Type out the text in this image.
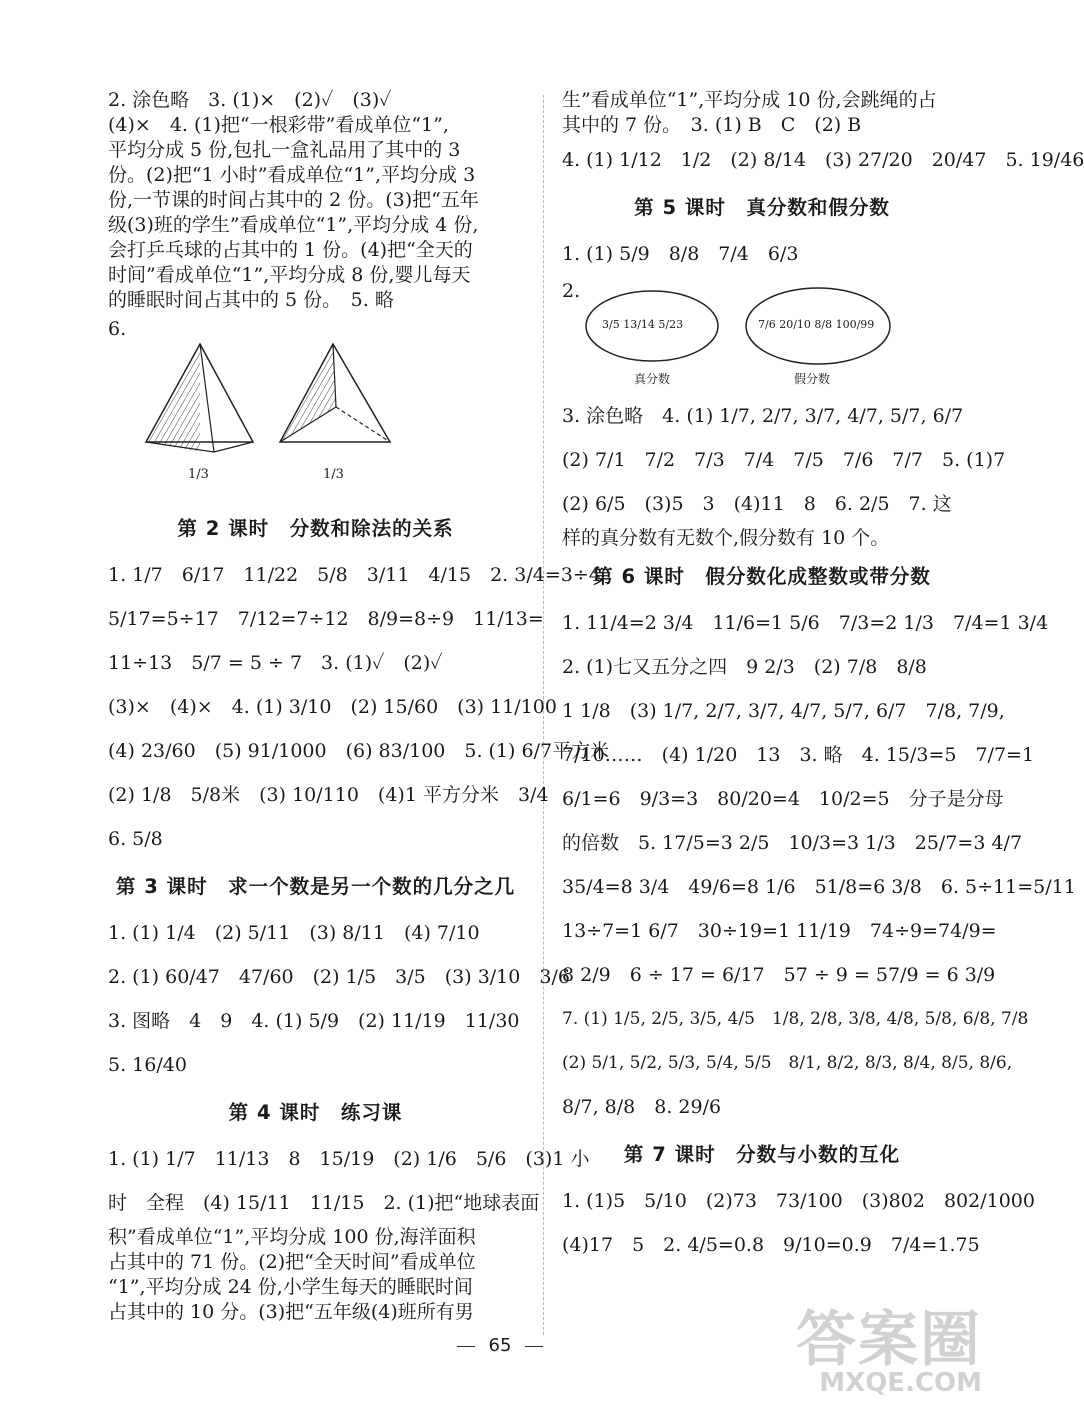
2. 涂色略　3. (1)×　(2)✓　(3)✓

(4)×　4. (1)把“一根彩带”看成单位“1”,

平均分成 5 份,包扎一盒礼品用了其中的 3

份。(2)把“1 小时”看成单位“1”,平均分成 3

份,一节课的时间占其中的 2 份。(3)把“五年

级(3)班的学生”看成单位“1”,平均分成 4 份,

会打乒乓球的占其中的 1 份。(4)把“全天的

时间”看成单位“1”,平均分成 8 份,婴儿每天

的睡眠时间占其中的 5 份。　5. 略

6.

1/3	1/3
第 2 课时　分数和除法的关系

1. 1/7　6/17　11/22　5/8　3/11　4/15　2. 3/4=3÷4

5/17=5÷17　7/12=7÷12　8/9=8÷9　11/13=

11÷13　5/7 = 5 ÷ 7　3. (1)✓　(2)✓

(3)×　(4)×　4. (1) 3/10　(2) 15/60　(3) 11/100

(4) 23/60　(5) 91/1000　(6) 83/100　5. (1) 6/7平方米

(2) 1/8　5/8米　(3) 10/110　(4)1 平方分米　3/4

6. 5/8

第 3 课时　求一个数是另一个数的几分之几

1. (1) 1/4　(2) 5/11　(3) 8/11　(4) 7/10

2. (1) 60/47　47/60　(2) 1/5　3/5　(3) 3/10　3/6

3. 图略　4　9　4. (1) 5/9　(2) 11/19　11/30

5. 16/40

第 4 课时　练习课

1. (1) 1/7　11/13　8　15/19　(2) 1/6　5/6　(3)1 小

时　全程　(4) 15/11　11/15　2. (1)把“地球表面

积”看成单位“1”,平均分成 100 份,海洋面积

占其中的 71 份。(2)把“全天时间”看成单位

“1”,平均分成 24 份,小学生每天的睡眠时间

占其中的 10 分。(3)把“五年级(4)班所有男

生”看成单位“1”,平均分成 10 份,会跳绳的占

其中的 7 份。　3. (1) B　C　(2) B

4. (1) 1/12　1/2　(2) 8/14　(3) 27/20　20/47　5. 19/46

第 5 课时　真分数和假分数

1. (1) 5/9　8/8　7/4　6/3

2.
3/5 13/14 5/23	7/6 20/10 8/8 100/99
真分数	假分数

3. 涂色略　4. (1) 1/7, 2/7, 3/7, 4/7, 5/7, 6/7

(2) 7/1　7/2　7/3　7/4　7/5　7/6　7/7　5. (1)7

(2) 6/5　(3)5　3　(4)11　8　6. 2/5　7. 这

样的真分数有无数个,假分数有 10 个。

第 6 课时　假分数化成整数或带分数

1. 11/4=2 3/4　11/6=1 5/6　7/3=2 1/3　7/4=1 3/4

2. (1)七又五分之四　9 2/3　(2) 7/8　8/8

1 1/8　(3) 1/7, 2/7, 3/7, 4/7, 5/7, 6/7　7/8, 7/9,

7/10……　(4) 1/20　13　3. 略　4. 15/3=5　7/7=1

6/1=6　9/3=3　80/20=4　10/2=5　分子是分母

的倍数　5. 17/5=3 2/5　10/3=3 1/3　25/7=3 4/7

35/4=8 3/4　49/6=8 1/6　51/8=6 3/8　6. 5÷11=5/11

13÷7=1 6/7　30÷19=1 11/19　74÷9=74/9=

8 2/9　6 ÷ 17 = 6/17　57 ÷ 9 = 57/9 = 6 3/9

7. (1) 1/5, 2/5, 3/5, 4/5　1/8, 2/8, 3/8, 4/8, 5/8, 6/8, 7/8

(2) 5/1, 5/2, 5/3, 5/4, 5/5　8/1, 8/2, 8/3, 8/4, 8/5, 8/6,

8/7, 8/8　8. 29/6

第 7 课时　分数与小数的互化

1. (1)5　5/10　(2)73　73/100　(3)802　802/1000

(4)17　5　2. 4/5=0.8　9/10=0.9　7/4=1.75

65	答案圈
MXQE.COM
